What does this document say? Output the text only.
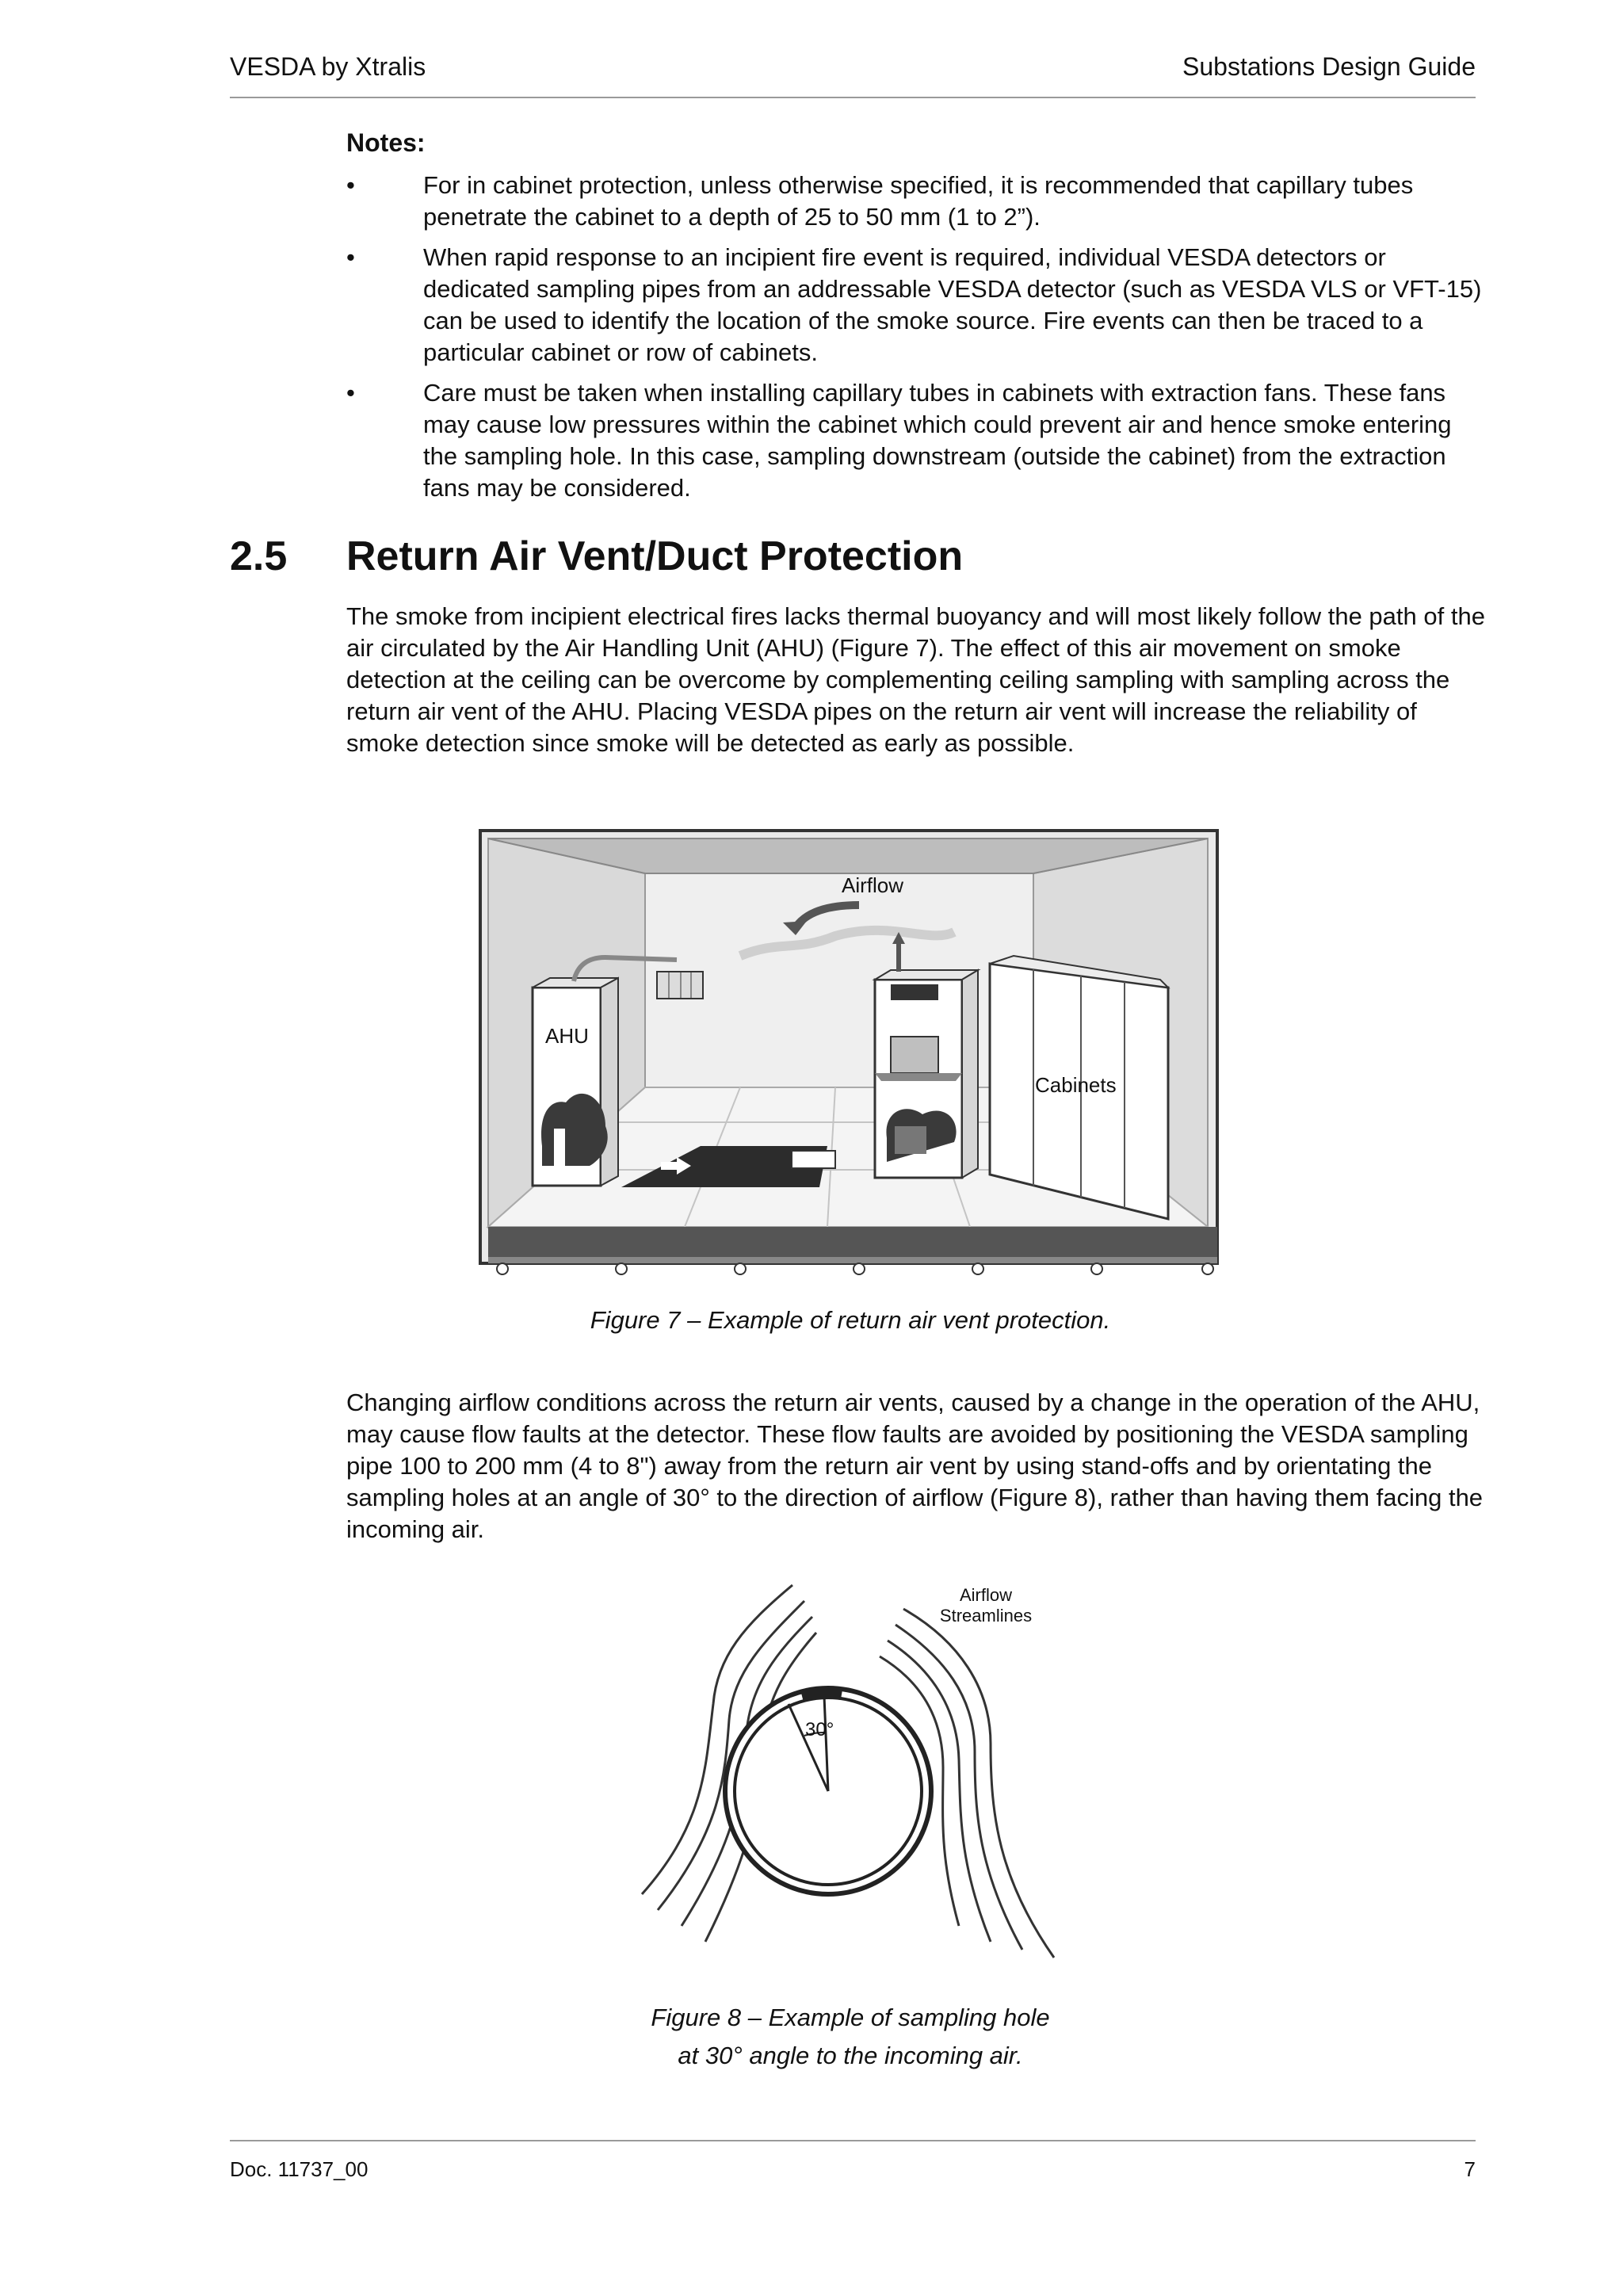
VESDA by Xtralis	Substations Design Guide
Notes:
•	For in cabinet protection, unless otherwise specified, it is recommended that capillary tubes penetrate the cabinet to a depth of 25 to 50 mm (1 to 2”).
•	When rapid response to an incipient fire event is required, individual VESDA detectors or dedicated sampling pipes from an addressable VESDA detector (such as VESDA VLS or VFT-15) can be used to identify the location of the smoke source. Fire events can then be traced to a particular cabinet or row of cabinets.
•	Care must be taken when installing capillary tubes in cabinets with extraction fans. These fans may cause low pressures within the cabinet which could prevent air and hence smoke entering the sampling hole. In this case, sampling downstream (outside the cabinet) from the extraction fans may be considered.
2.5 Return Air Vent/Duct Protection
The smoke from incipient electrical fires lacks thermal buoyancy and will most likely follow the path of the air circulated by the Air Handling Unit (AHU) (Figure 7). The effect of this air movement on smoke detection at the ceiling can be overcome by complementing ceiling sampling with sampling across the return air vent of the AHU. Placing VESDA pipes on the return air vent will increase the reliability of smoke detection since smoke will be detected as early as possible.
Airflow
AHU
Cabinets
Figure 7 – Example of return air vent protection.
Changing airflow conditions across the return air vents, caused by a change in the operation of the AHU, may cause flow faults at the detector. These flow faults are avoided by positioning the VESDA sampling pipe 100 to 200 mm (4 to 8") away from the return air vent by using stand-offs and by orientating the sampling holes at an angle of 30° to the direction of airflow (Figure 8), rather than having them facing the incoming air.
30°
Airflow
Streamlines
Figure 8 – Example of sampling hole
at 30° angle to the incoming air.
Doc. 11737_00	7
